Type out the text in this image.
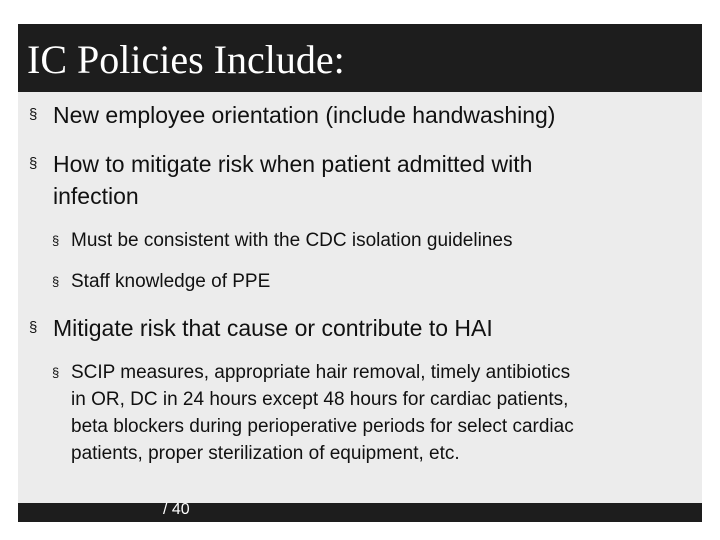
IC Policies Include:
§ New employee orientation (include handwashing)
§ How to mitigate risk when patient admitted with
infection
§ Must be consistent with the CDC isolation guidelines
§ Staff knowledge of PPE
§ Mitigate risk that cause or contribute to HAI
§ SCIP measures, appropriate hair removal, timely antibiotics
in OR, DC in 24 hours except 48 hours for cardiac patients,
beta blockers during perioperative periods for select cardiac
patients, proper sterilization of equipment, etc.
/ 40
